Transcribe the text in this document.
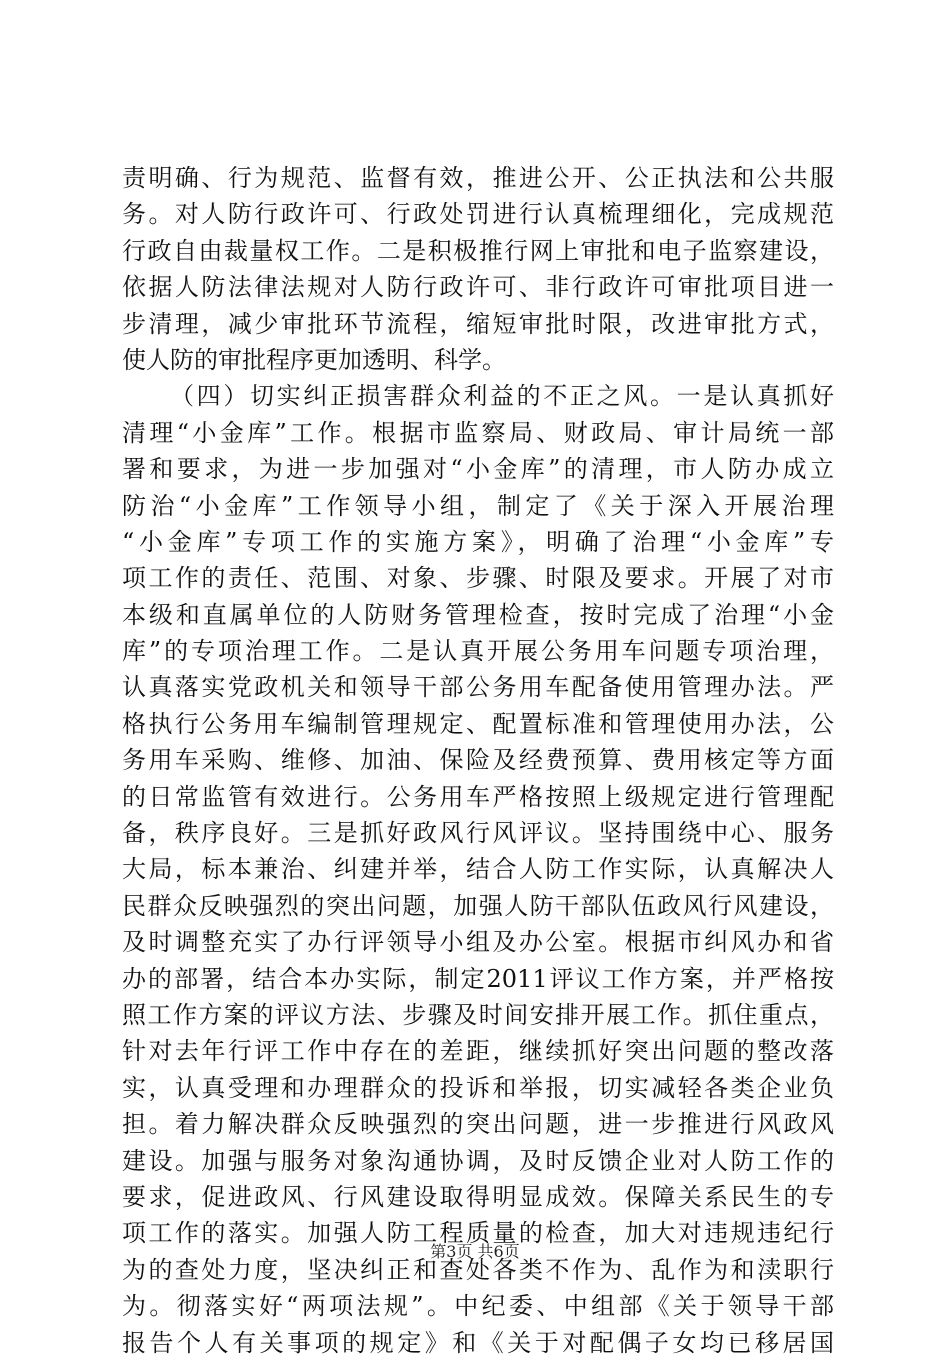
责明确、行为规范、监督有效，推进公开、公正执法和公共服
务。对人防行政许可、行政处罚进行认真梳理细化，完成规范
行政自由裁量权工作。二是积极推行网上审批和电子监察建设，
依据人防法律法规对人防行政许可、非行政许可审批项目进一
步清理，减少审批环节流程，缩短审批时限，改进审批方式，
使人防的审批程序更加透明、科学。
（四）切实纠正损害群众利益的不正之风。一是认真抓好
清理“小金库”工作。根据市监察局、财政局、审计局统一部
署和要求，为进一步加强对“小金库”的清理，市人防办成立
防治“小金库”工作领导小组，制定了《关于深入开展治理
“小金库”专项工作的实施方案》，明确了治理“小金库”专
项工作的责任、范围、对象、步骤、时限及要求。开展了对市
本级和直属单位的人防财务管理检查，按时完成了治理“小金
库”的专项治理工作。二是认真开展公务用车问题专项治理，
认真落实党政机关和领导干部公务用车配备使用管理办法。严
格执行公务用车编制管理规定、配置标准和管理使用办法，公
务用车采购、维修、加油、保险及经费预算、费用核定等方面
的日常监管有效进行。公务用车严格按照上级规定进行管理配
备，秩序良好。三是抓好政风行风评议。坚持围绕中心、服务
大局，标本兼治、纠建并举，结合人防工作实际，认真解决人
民群众反映强烈的突出问题，加强人防干部队伍政风行风建设，
及时调整充实了办行评领导小组及办公室。根据市纠风办和省
办的部署，结合本办实际，制定2011评议工作方案，并严格按
照工作方案的评议方法、步骤及时间安排开展工作。抓住重点，
针对去年行评工作中存在的差距，继续抓好突出问题的整改落
实，认真受理和办理群众的投诉和举报，切实减轻各类企业负
担。着力解决群众反映强烈的突出问题，进一步推进行风政风
建设。加强与服务对象沟通协调，及时反馈企业对人防工作的
要求，促进政风、行风建设取得明显成效。保障关系民生的专
项工作的落实。加强人防工程质量的检查，加大对违规违纪行
为的查处力度，坚决纠正和查处各类不作为、乱作为和渎职行
为。彻落实好“两项法规”。中纪委、中组部《关于领导干部
报告个人有关事项的规定》和《关于对配偶子女均已移居国
第3页 共6页
